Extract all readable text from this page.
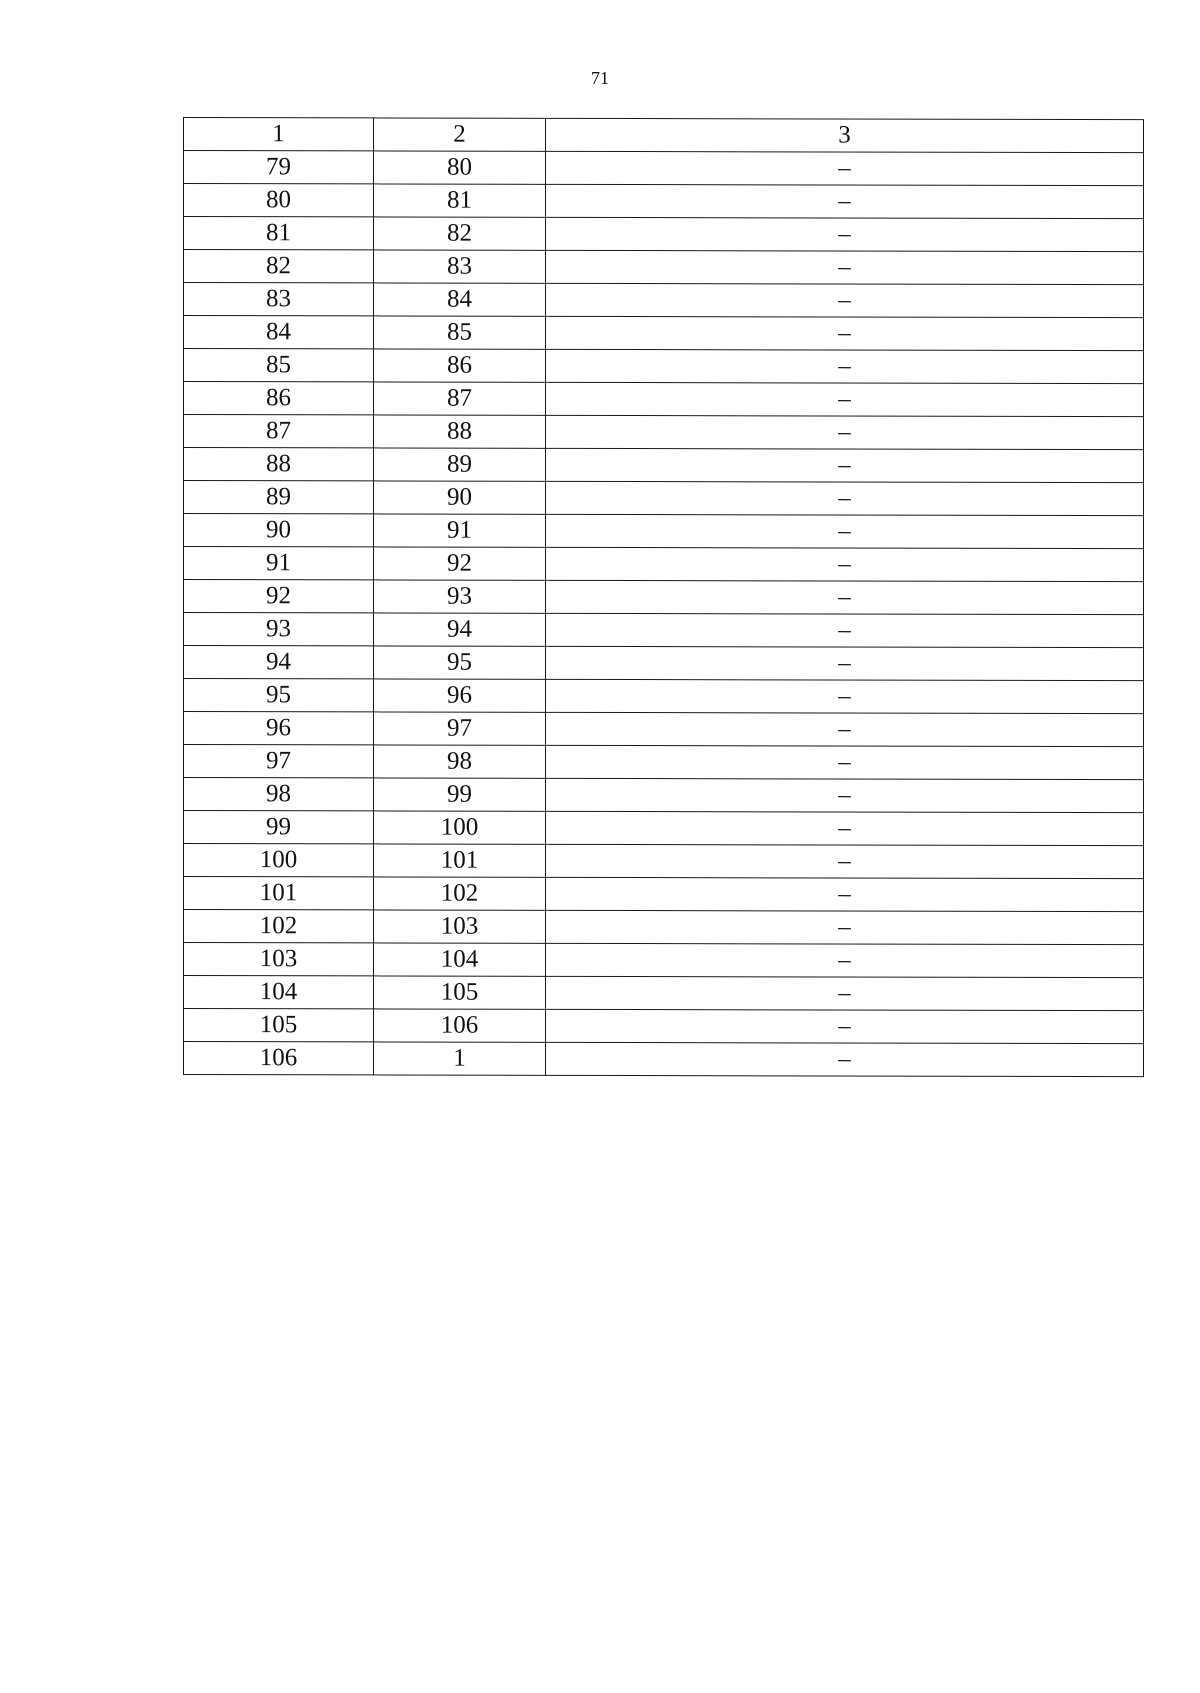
71
1	2	3
79	80	–
80	81	–
81	82	–
82	83	–
83	84	–
84	85	–
85	86	–
86	87	–
87	88	–
88	89	–
89	90	–
90	91	–
91	92	–
92	93	–
93	94	–
94	95	–
95	96	–
96	97	–
97	98	–
98	99	–
99	100	–
100	101	–
101	102	–
102	103	–
103	104	–
104	105	–
105	106	–
106	1	–
